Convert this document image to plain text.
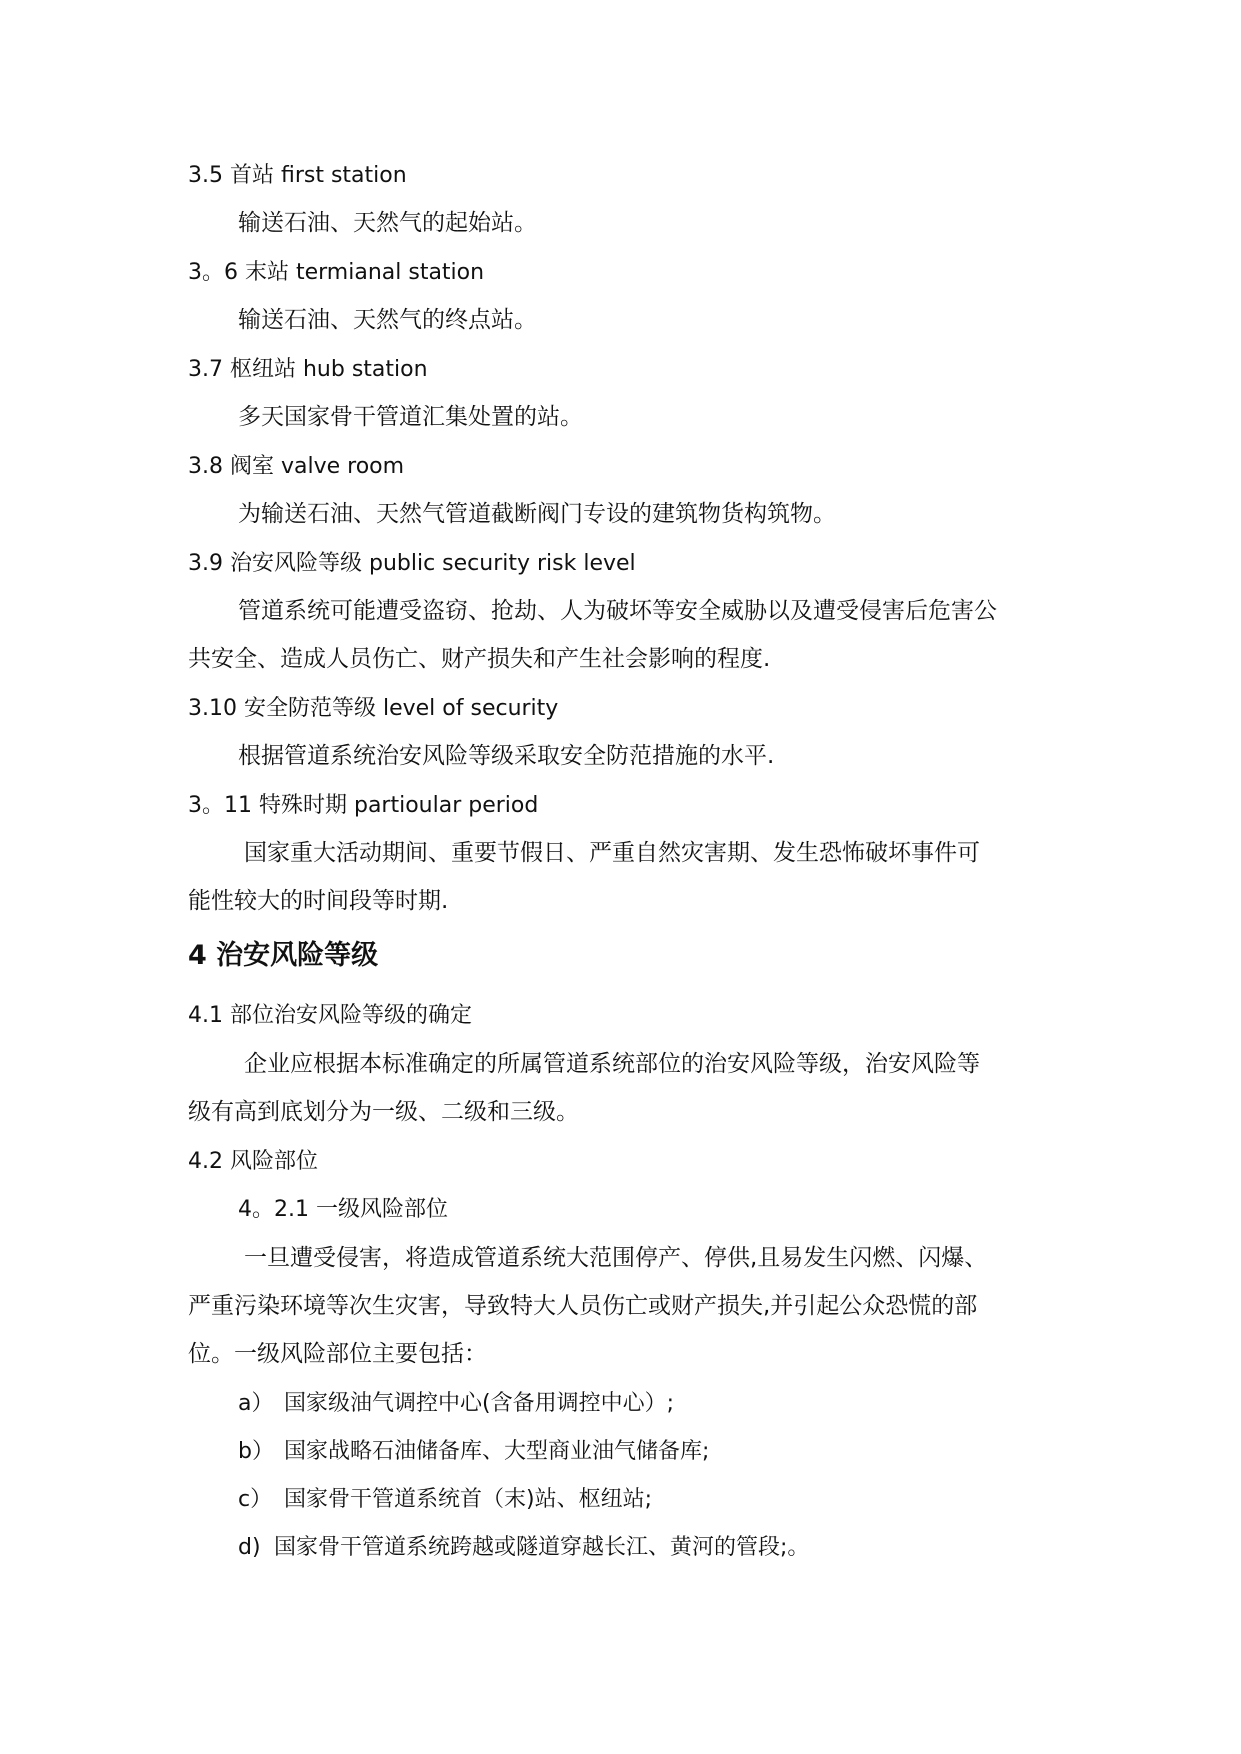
3.5 首站 first station
输送石油、天然气的起始站。
3。6 末站 termianal station
输送石油、天然气的终点站。
3.7 枢纽站 hub station
多天国家骨干管道汇集处置的站。
3.8 阀室 valve room
为输送石油、天然气管道截断阀门专设的建筑物货构筑物。
3.9 治安风险等级 public security risk level
管道系统可能遭受盗窃、抢劫、人为破坏等安全威胁以及遭受侵害后危害公
共安全、造成人员伤亡、财产损失和产生社会影响的程度.
3.10 安全防范等级 level of security
根据管道系统治安风险等级采取安全防范措施的水平.
3。11 特殊时期 partioular period
国家重大活动期间、重要节假日、严重自然灾害期、发生恐怖破坏事件可
能性较大的时间段等时期.
4 治安风险等级
4.1 部位治安风险等级的确定
企业应根据本标准确定的所属管道系统部位的治安风险等级，治安风险等
级有高到底划分为一级、二级和三级。
4.2 风险部位
4。2.1 一级风险部位
一旦遭受侵害，将造成管道系统大范围停产、停供,且易发生闪燃、闪爆、
严重污染环境等次生灾害，导致特大人员伤亡或财产损失,并引起公众恐慌的部
位。一级风险部位主要包括：
a） 国家级油气调控中心(含备用调控中心）;
b） 国家战略石油储备库、大型商业油气储备库;
c） 国家骨干管道系统首（末)站、枢纽站;
d) 国家骨干管道系统跨越或隧道穿越长江、黄河的管段;。
